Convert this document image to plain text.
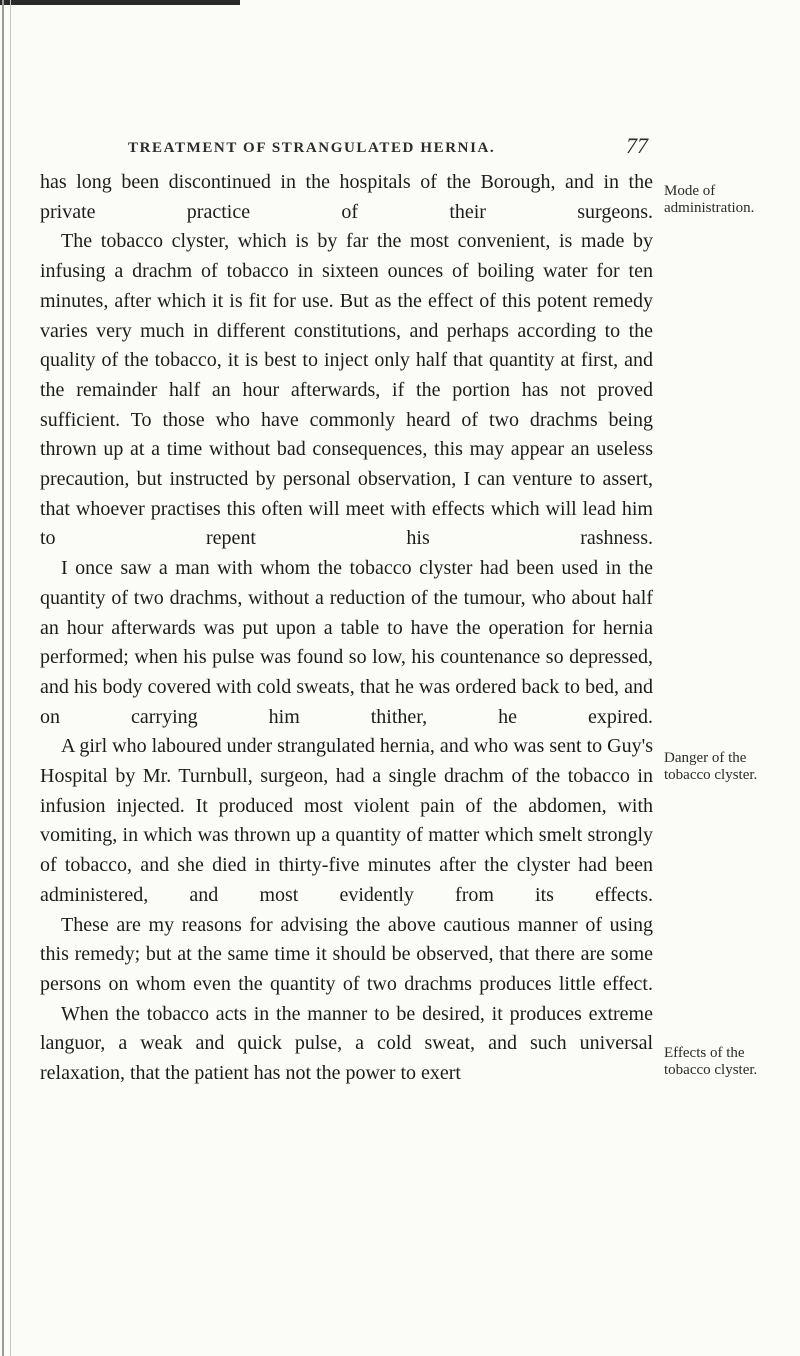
TREATMENT OF STRANGULATED HERNIA.	77

has long been discontinued in the hospitals of the Borough, and in the private practice of their surgeons.

The tobacco clyster, which is by far the most convenient, is made by infusing a drachm of tobacco in sixteen ounces of boiling water for ten minutes, after which it is fit for use. But as the effect of this potent remedy varies very much in different constitutions, and perhaps according to the quality of the tobacco, it is best to inject only half that quantity at first, and the remainder half an hour afterwards, if the portion has not proved sufficient. To those who have commonly heard of two drachms being thrown up at a time without bad consequences, this may appear an useless precaution, but instructed by personal observation, I can venture to assert, that whoever practises this often will meet with effects which will lead him to repent his rashness.

I once saw a man with whom the tobacco clyster had been used in the quantity of two drachms, without a reduction of the tumour, who about half an hour afterwards was put upon a table to have the operation for hernia performed; when his pulse was found so low, his countenance so depressed, and his body covered with cold sweats, that he was ordered back to bed, and on carrying him thither, he expired.

A girl who laboured under strangulated hernia, and who was sent to Guy's Hospital by Mr. Turnbull, surgeon, had a single drachm of the tobacco in infusion injected. It produced most violent pain of the abdomen, with vomiting, in which was thrown up a quantity of matter which smelt strongly of tobacco, and she died in thirty-five minutes after the clyster had been administered, and most evidently from its effects.

These are my reasons for advising the above cautious manner of using this remedy; but at the same time it should be observed, that there are some persons on whom even the quantity of two drachms produces little effect.

When the tobacco acts in the manner to be desired, it produces extreme languor, a weak and quick pulse, a cold sweat, and such universal relaxation, that the patient has not the power to exert

Mode of administration.
Danger of the tobacco clyster.
Effects of the tobacco clyster.
